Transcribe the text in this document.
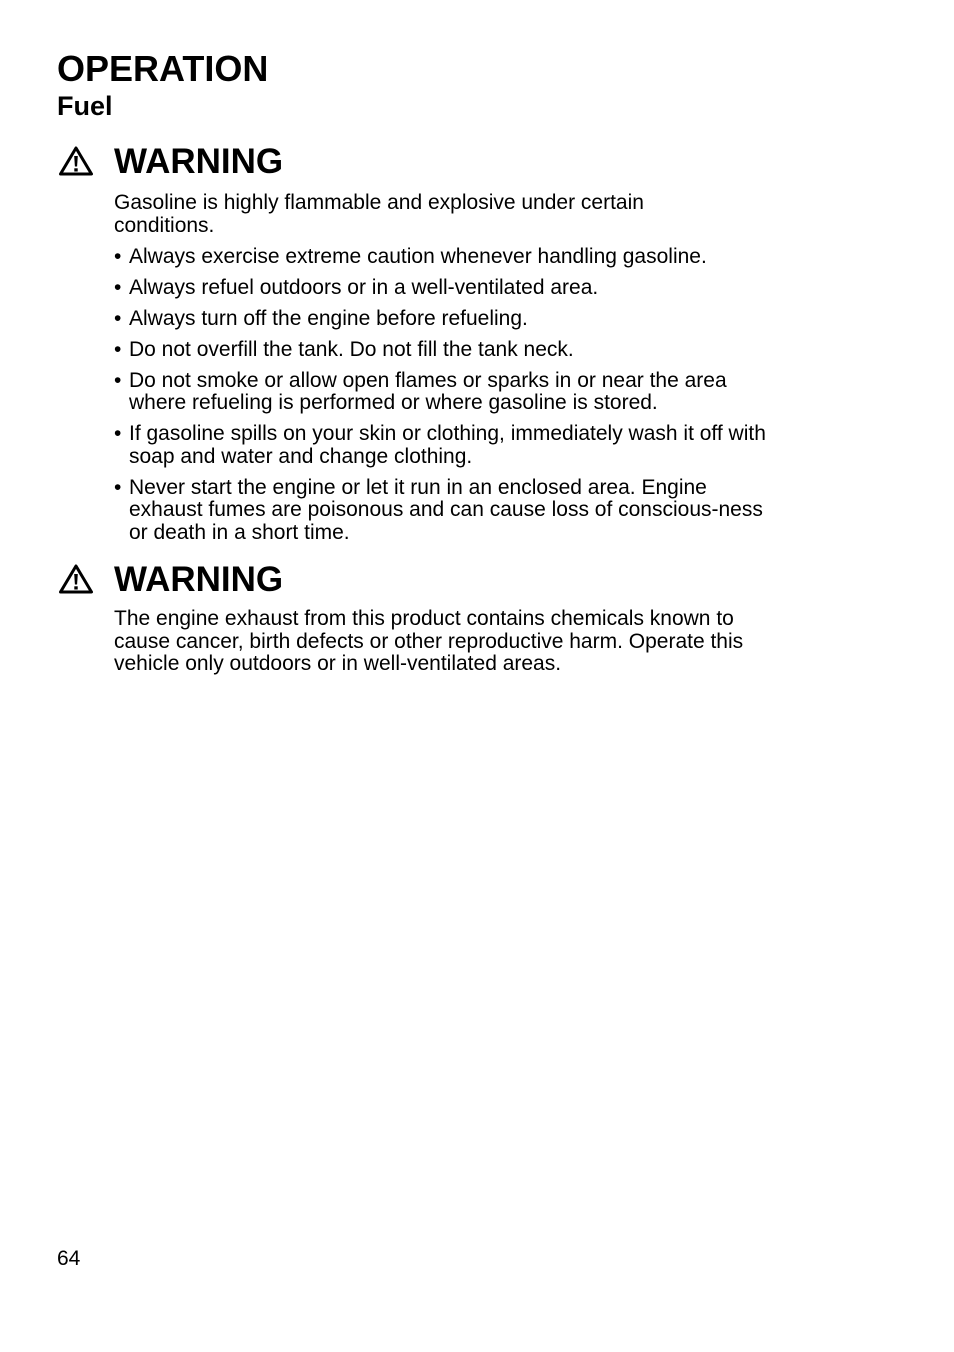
OPERATION
Fuel
WARNING

Gasoline is highly flammable and explosive under certain conditions.

• Always exercise extreme caution whenever handling gasoline.
• Always refuel outdoors or in a well-ventilated area.
• Always turn off the engine before refueling.
• Do not overfill the tank. Do not fill the tank neck.
• Do not smoke or allow open flames or sparks in or near the area where refueling is performed or where gasoline is stored.
• If gasoline spills on your skin or clothing, immediately wash it off with soap and water and change clothing.
• Never start the engine or let it run in an enclosed area. Engine exhaust fumes are poisonous and can cause loss of conscious-ness or death in a short time.
WARNING

The engine exhaust from this product contains chemicals known to cause cancer, birth defects or other reproductive harm. Operate this vehicle only outdoors or in well-ventilated areas.

64
